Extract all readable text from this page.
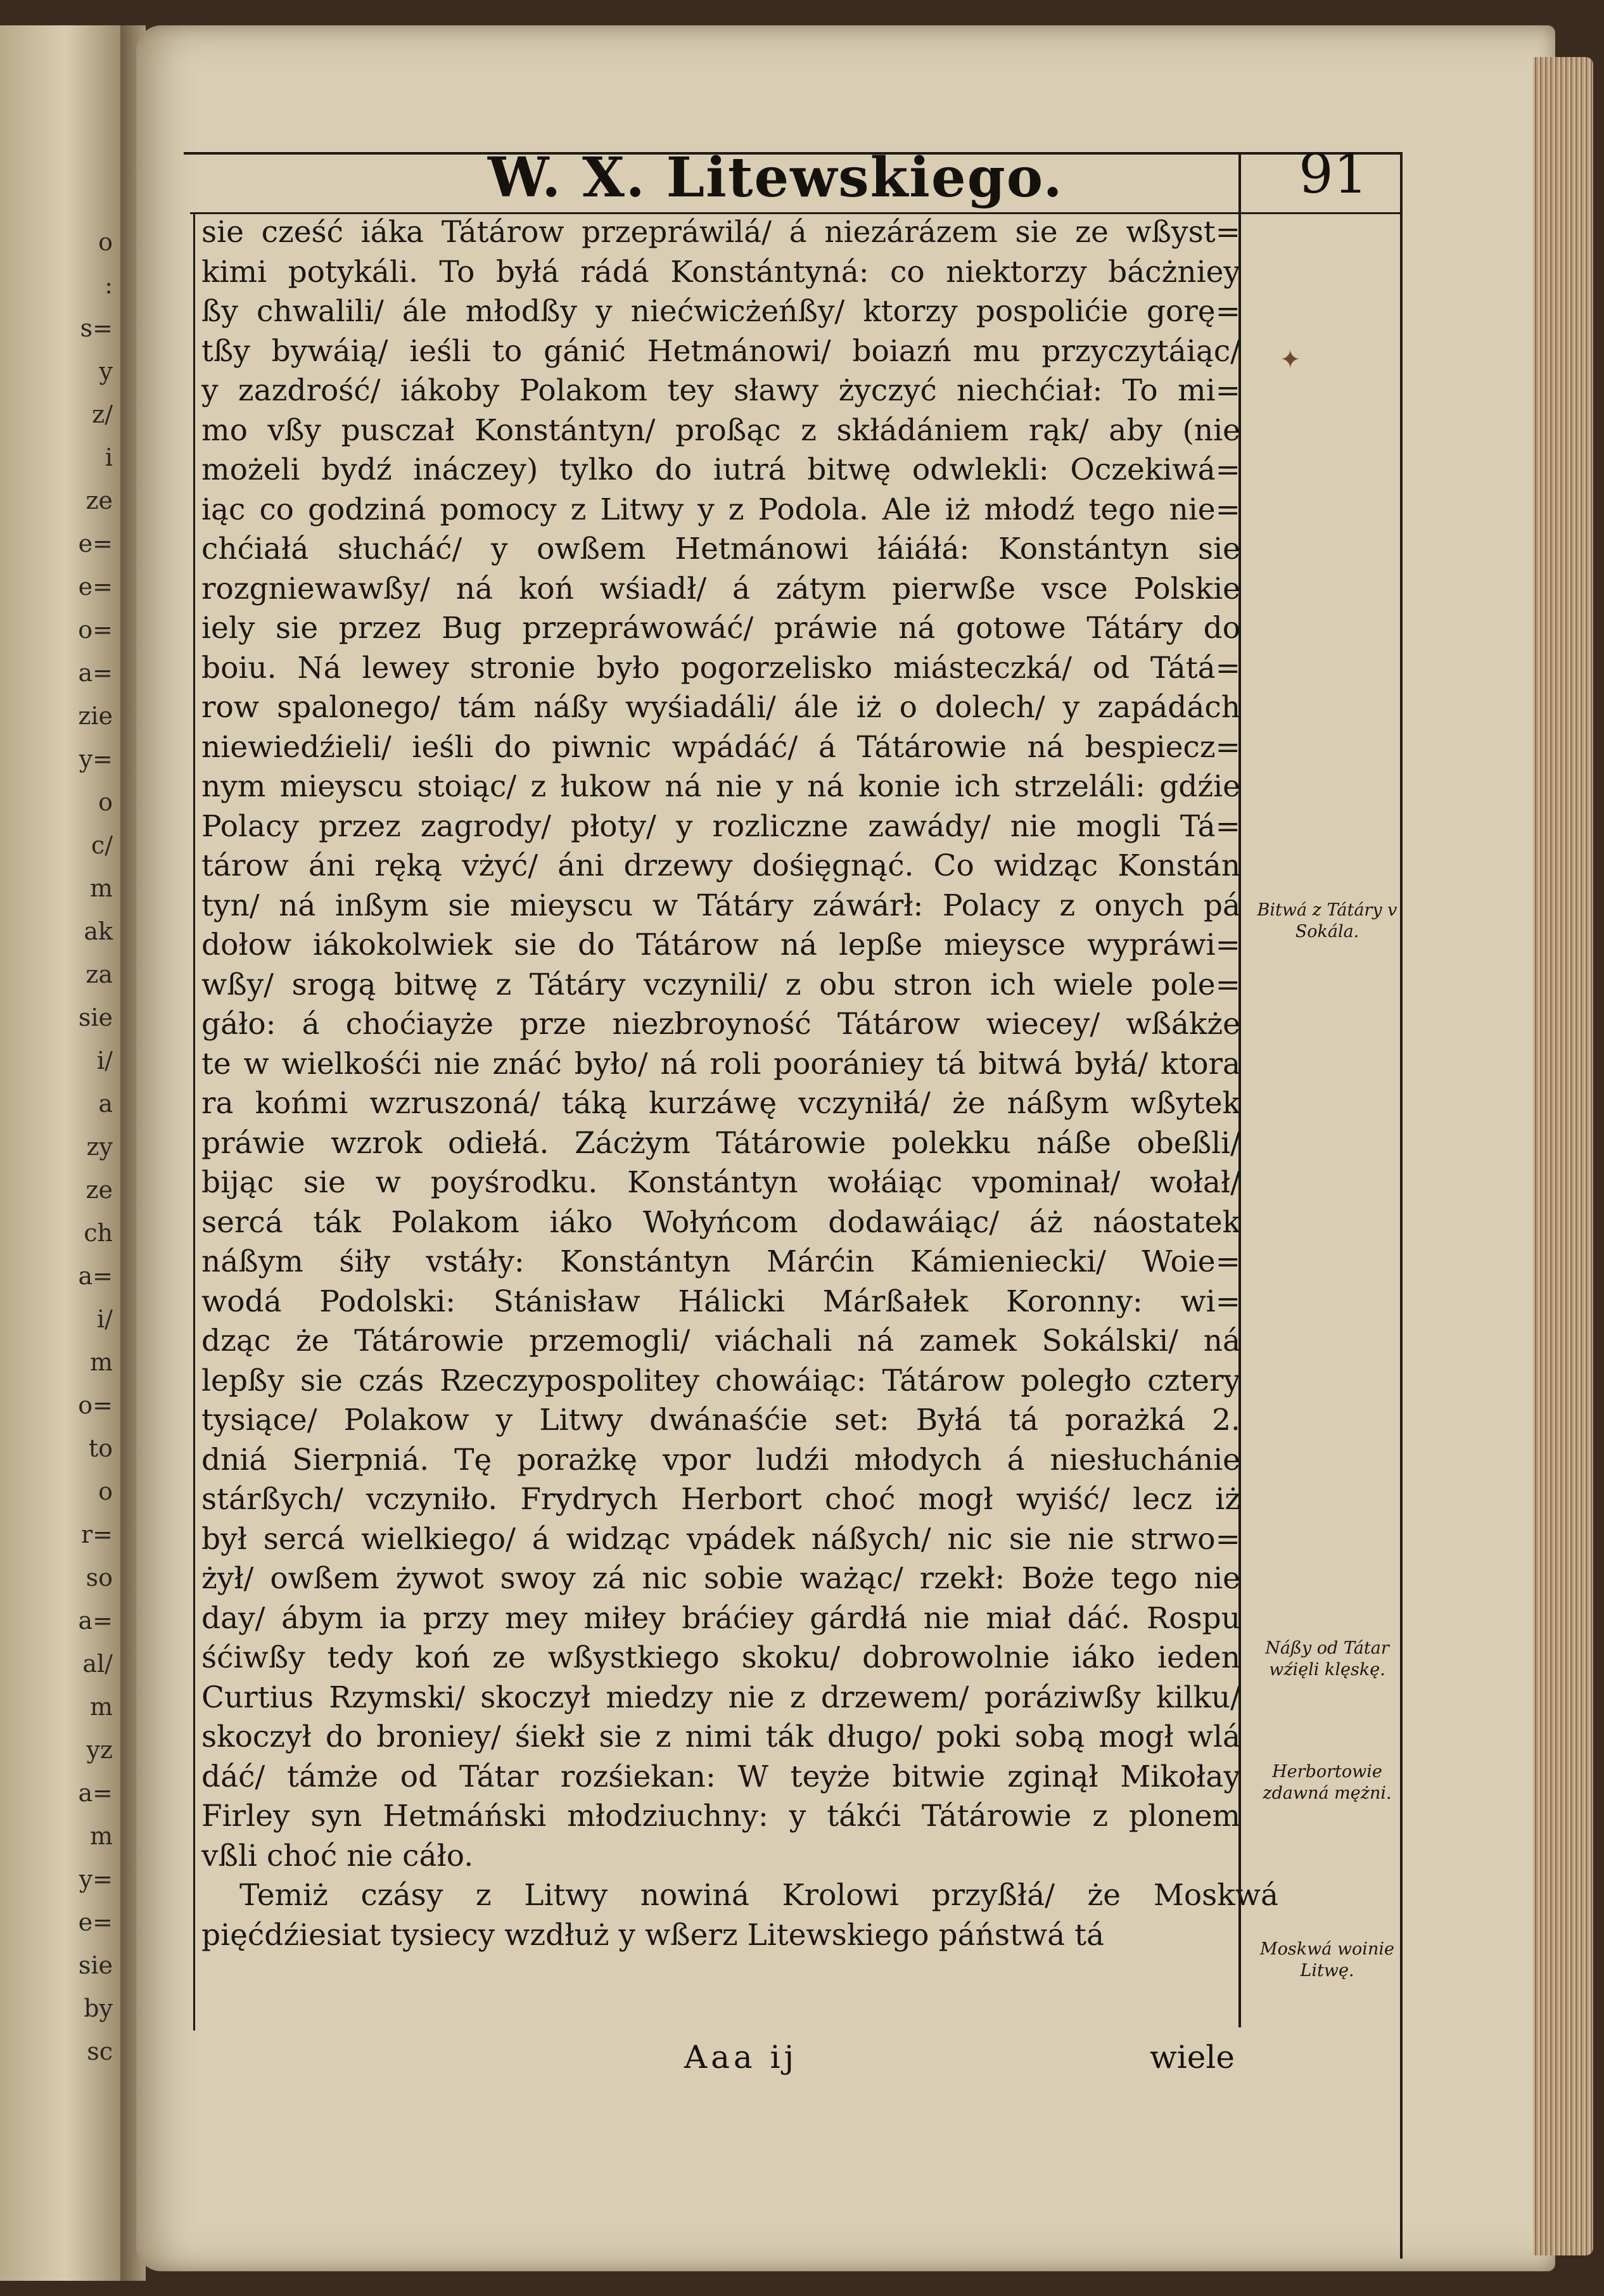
o
:
s=
y
z/
i
ze
e=
e=
o=
a=
zie
y=
o
c/
m
ak
za
sie
i/
a
zy
ze
ch
a=
i/
m
o=
to
o
r=
so
a=
al/
m
yz
a=
m
y=
e=
sie
by
sc
W. X. Litewskiego.	91
✦
sie cześć iáka Tátárow przepráwilá/ á niezárázem sie ze wßyst=
kimi potykáli. To byłá rádá Konstántyná: co niektorzy bácżniey
ßy chwalili/ ále młodßy y niećwicżeńßy/ ktorzy pospolićie gorę=
tßy bywáią/ ieśli to gánić Hetmánowi/ boiazń mu przyczytáiąc/
y zazdrość/ iákoby Polakom tey sławy życzyć niechćiał: To mi=
mo vßy pusczał Konstántyn/ proßąc z skłádániem rąk/ aby (nie
możeli bydź ináczey) tylko do iutrá bitwę odwlekli: Oczekiwá=
iąc co godziná pomocy z Litwy y z Podola. Ale iż młodź tego nie=
chćiałá słucháć/ y owßem Hetmánowi łáiáłá: Konstántyn sie
rozgniewawßy/ ná koń wśiadł/ á zátym pierwße vsce Polskie
iely sie przez Bug przepráwowáć/ práwie ná gotowe Tátáry do
boiu. Ná lewey stronie było pogorzelisko miásteczká/ od Tátá=
row spalonego/ tám náßy wyśiadáli/ ále iż o dolech/ y zapádách
niewiedźieli/ ieśli do piwnic wpádáć/ á Tátárowie ná bespiecz=
nym mieyscu stoiąc/ z łukow ná nie y ná konie ich strzeláli: gdźie
Polacy przez zagrody/ płoty/ y rozliczne zawády/ nie mogli Tá=
tárow áni ręką vżyć/ áni drzewy dośięgnąć. Co widząc Konstán
tyn/ ná inßym sie mieyscu w Tátáry záwárł: Polacy z onych pá
dołow iákokolwiek sie do Tátárow ná lepße mieysce wypráwi=
wßy/ srogą bitwę z Tátáry vczynili/ z obu stron ich wiele pole=
gáło: á choćiayże prze niezbroyność Tátárow wiecey/ wßákże
te w wielkośći nie znáć było/ ná roli poorániey tá bitwá byłá/ ktora
ra końmi wzruszoná/ táką kurzáwę vczyniłá/ że náßym wßytek
práwie wzrok odiełá. Zácżym Tátárowie polekku náße obeßli/
bijąc sie w poyśrodku. Konstántyn wołáiąc vpominał/ wołał/
sercá ták Polakom iáko Wołyńcom dodawáiąc/ áż náostatek
náßym śiły vstáły: Konstántyn Márćin Kámieniecki/ Woie=
wodá Podolski: Stánisław Hálicki Márßałek Koronny: wi=
dząc że Tátárowie przemogli/ viáchali ná zamek Sokálski/ ná
lepßy sie czás Rzeczypospolitey chowáiąc: Tátárow poległo cztery
tysiące/ Polakow y Litwy dwánaśćie set: Byłá tá porażká 2.
dniá Sierpniá. Tę porażkę vpor ludźi młodych á niesłuchánie
stárßych/ vczyniło. Frydrych Herbort choć mogł wyiść/ lecz iż
był sercá wielkiego/ á widząc vpádek náßych/ nic sie nie strwo=
żył/ owßem żywot swoy zá nic sobie ważąc/ rzekł: Boże tego nie
day/ ábym ia przy mey miłey bráćiey gárdłá nie miał dáć. Rospu
śćiwßy tedy koń ze wßystkiego skoku/ dobrowolnie iáko ieden
Curtius Rzymski/ skoczył miedzy nie z drzewem/ poráziwßy kilku/
skoczył do broniey/ śiekł sie z nimi ták długo/ poki sobą mogł wlá
dáć/ támże od Tátar rozśiekan: W teyże bitwie zginął Mikołay
Firley syn Hetmáński młodziuchny: y tákći Tátárowie z plonem
vßli choć nie cáło.
Temiż czásy z Litwy nowiná Krolowi przyßłá/ że Moskwá
pięćdźiesiat tysiecy wzdłuż y wßerz Litewskiego páństwá tá
Bitwá z Tátáry v Sokála.
Náßy od Tátar wźięli klęskę.
Herbortowie zdawná mężni.
Moskwá woinie Litwę.
Aaa ij	wiele
